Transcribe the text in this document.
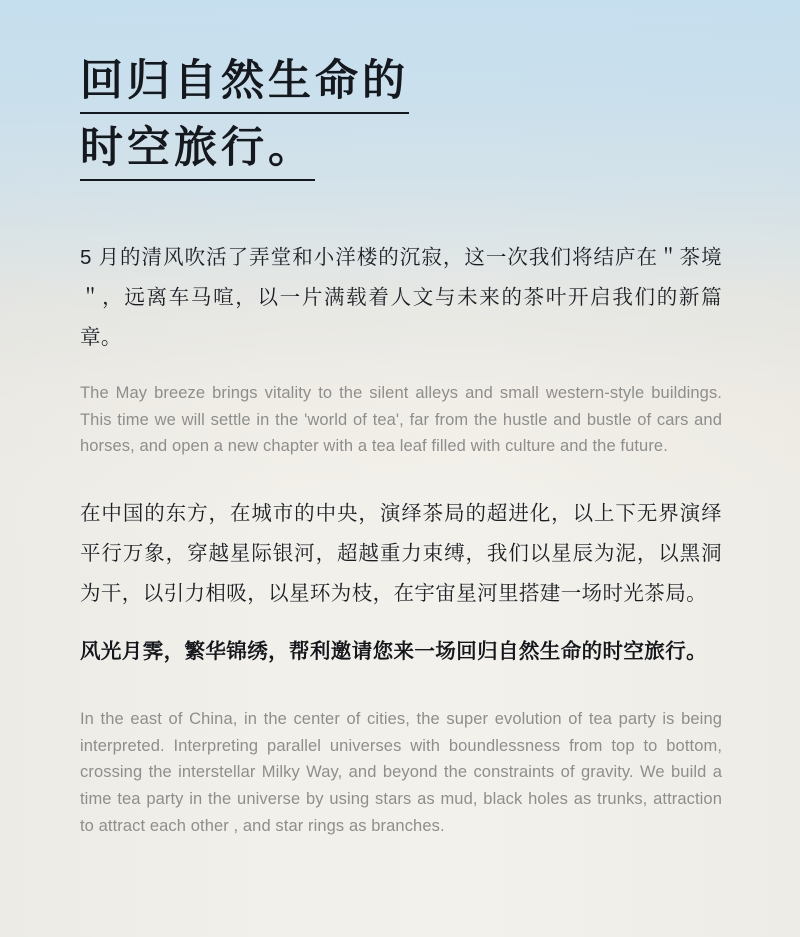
回归自然生命的
时空旅行。

5 月的清风吹活了弄堂和小洋楼的沉寂，这一次我们将结庐在＂茶境＂，远离车马喧，以一片满载着人文与未来的茶叶开启我们的新篇章。

The May breeze brings vitality to the silent alleys and small western-style buildings. This time we will settle in the 'world of tea', far from the hustle and bustle of cars and horses, and open a new chapter with a tea leaf filled with culture and the future.

在中国的东方，在城市的中央，演绎茶局的超进化，以上下无界演绎平行万象，穿越星际银河，超越重力束缚，我们以星辰为泥，以黑洞为干，以引力相吸，以星环为枝，在宇宙星河里搭建一场时光茶局。

风光月霁，繁华锦绣，帮利邀请您来一场回归自然生命的时空旅行。

In the east of China, in the center of cities, the super evolution of tea party is being interpreted. Interpreting parallel universes with boundlessness from top to bottom, crossing the interstellar Milky Way, and beyond the constraints of gravity. We build a time tea party in the universe by using stars as mud, black holes as trunks, attraction to attract each other , and star rings as branches.
